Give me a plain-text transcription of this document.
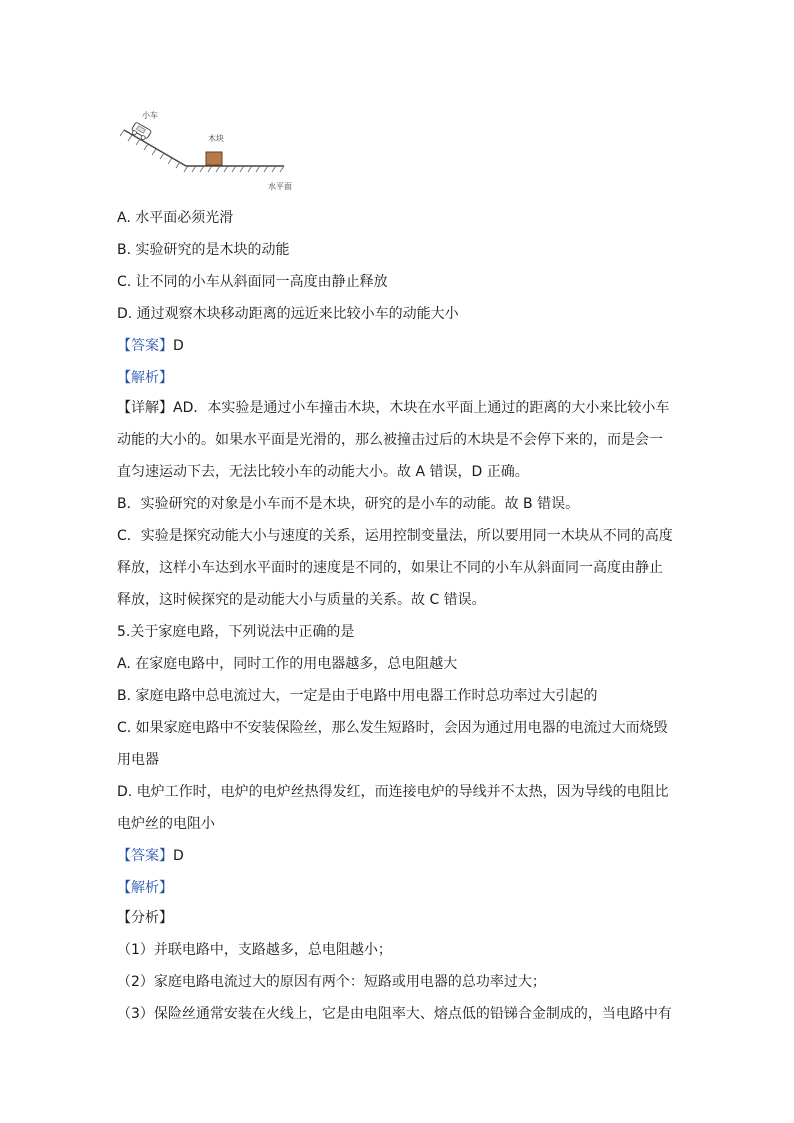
小车
木块
水平面
A. 水平面必须光滑
B. 实验研究的是木块的动能
C. 让不同的小车从斜面同一高度由静止释放
D. 通过观察木块移动距离的远近来比较小车的动能大小
【答案】D
【解析】
【详解】AD．本实验是通过小车撞击木块，木块在水平面上通过的距离的大小来比较小车
动能的大小的。如果水平面是光滑的，那么被撞击过后的木块是不会停下来的，而是会一
直匀速运动下去，无法比较小车的动能大小。故 A 错误，D 正确。
B．实验研究的对象是小车而不是木块，研究的是小车的动能。故 B 错误。
C．实验是探究动能大小与速度的关系，运用控制变量法，所以要用同一木块从不同的高度
释放，这样小车达到水平面时的速度是不同的，如果让不同的小车从斜面同一高度由静止
释放，这时候探究的是动能大小与质量的关系。故 C 错误。
5.关于家庭电路，下列说法中正确的是
A. 在家庭电路中，同时工作的用电器越多，总电阻越大
B. 家庭电路中总电流过大，一定是由于电路中用电器工作时总功率过大引起的
C. 如果家庭电路中不安装保险丝，那么发生短路时，会因为通过用电器的电流过大而烧毁
用电器
D. 电炉工作时，电炉的电炉丝热得发红，而连接电炉的导线并不太热，因为导线的电阻比
电炉丝的电阻小
【答案】D
【解析】
【分析】
（1）并联电路中，支路越多，总电阻越小；
（2）家庭电路电流过大的原因有两个：短路或用电器的总功率过大；
（3）保险丝通常安装在火线上，它是由电阻率大、熔点低的铅锑合金制成的，当电路中有
